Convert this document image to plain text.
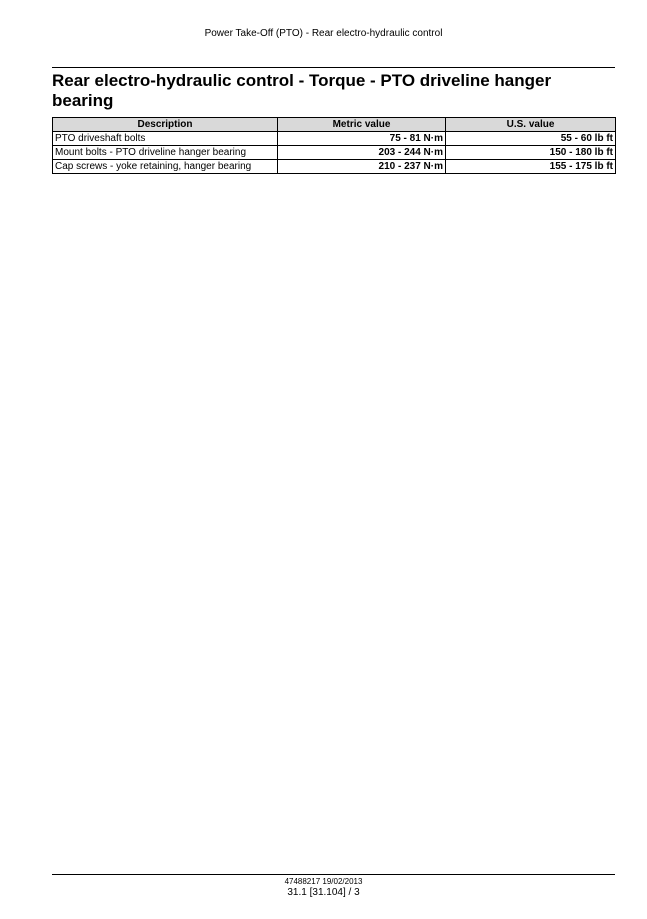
Power Take-Off (PTO) - Rear electro-hydraulic control
Rear electro-hydraulic control - Torque - PTO driveline hanger bearing
Description	Metric value	U.S. value
PTO driveshaft bolts	75 - 81 N·m	55 - 60 lb ft
Mount bolts - PTO driveline hanger bearing	203 - 244 N·m	150 - 180 lb ft
Cap screws - yoke retaining, hanger bearing	210 - 237 N·m	155 - 175 lb ft
47488217 19/02/2013
31.1 [31.104] / 3
